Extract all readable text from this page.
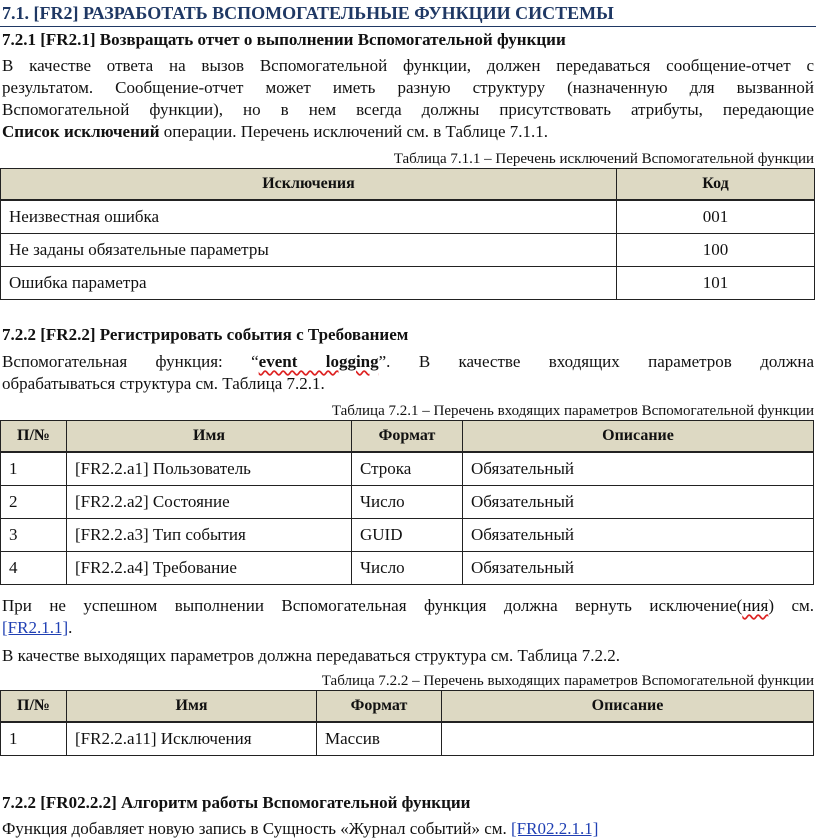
7.1. [FR2] РАЗРАБОТАТЬ ВСПОМОГАТЕЛЬНЫЕ ФУНКЦИИ СИСТЕМЫ
7.2.1 [FR2.1] Возвращать отчет о выполнении Вспомогательной функции
В качестве ответа на вызов Вспомогательной функции, должен передаваться сообщение-отчет с
результатом. Сообщение-отчет может иметь разную структуру (назначенную для вызванной
Вспомогательной функции), но в нем всегда должны присутствовать атрибуты, передающие
Список исключений операции. Перечень исключений см. в Таблице 7.1.1.
Таблица 7.1.1 – Перечень исключений Вспомогательной функции
Исключения	Код
Неизвестная ошибка	001
Не заданы обязательные параметры	100
Ошибка параметра	101
7.2.2 [FR2.2] Регистрировать события с Требованием
Вспомогательная функция: “event logging”. В качестве входящих параметров должна
обрабатываться структура см. Таблица 7.2.1.
Таблица 7.2.1 – Перечень входящих параметров Вспомогательной функции
П/№	Имя	Формат	Описание
1	[FR2.2.a1] Пользователь	Строка	Обязательный
2	[FR2.2.a2] Состояние	Число	Обязательный
3	[FR2.2.a3] Тип события	GUID	Обязательный
4	[FR2.2.a4] Требование	Число	Обязательный
При не успешном выполнении Вспомогательная функция должна вернуть исключение(ния) см.
[FR2.1.1].
В качестве выходящих параметров должна передаваться структура см. Таблица 7.2.2.
Таблица 7.2.2 – Перечень выходящих параметров Вспомогательной функции
П/№	Имя	Формат	Описание
1	[FR2.2.a11] Исключения	Массив	
7.2.2 [FR02.2.2] Алгоритм работы Вспомогательной функции
Функция добавляет новую запись в Сущность «Журнал событий» см. [FR02.2.1.1]
